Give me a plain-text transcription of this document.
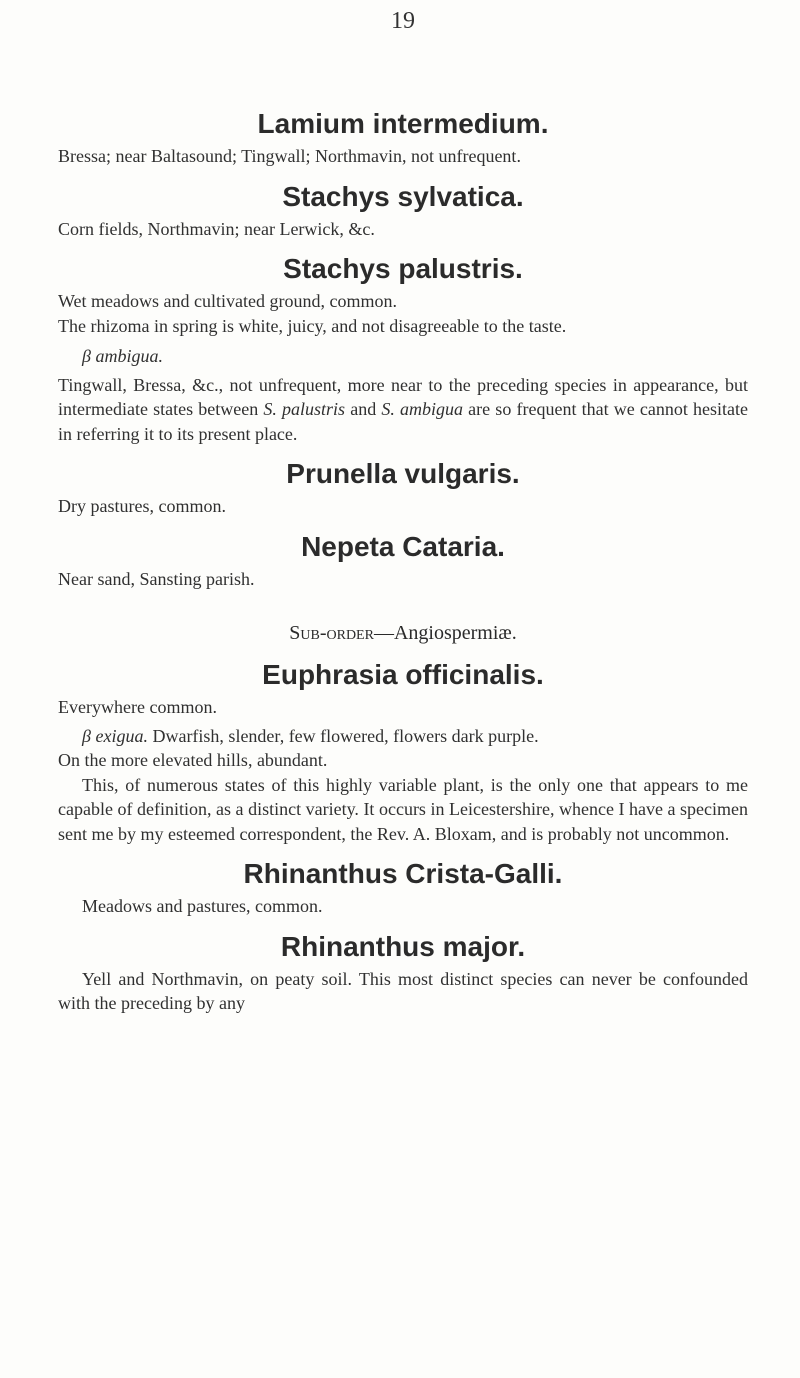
19
Lamium intermedium.

Bressa; near Baltasound; Tingwall; Northmavin, not unfrequent.

Stachys sylvatica.

Corn fields, Northmavin; near Lerwick, &c.

Stachys palustris.

Wet meadows and cultivated ground, common.

The rhizoma in spring is white, juicy, and not disagreeable to the taste.

β ambigua.

Tingwall, Bressa, &c., not unfrequent, more near to the preceding species in appearance, but intermediate states between S. palustris and S. ambigua are so frequent that we cannot hesitate in referring it to its present place.

Prunella vulgaris.

Dry pastures, common.

Nepeta Cataria.

Near sand, Sansting parish.

Sub-order—Angiospermiæ.

Euphrasia officinalis.

Everywhere common.

β exigua. Dwarfish, slender, few flowered, flowers dark purple.

On the more elevated hills, abundant.

This, of numerous states of this highly variable plant, is the only one that appears to me capable of definition, as a distinct variety. It occurs in Leicestershire, whence I have a specimen sent me by my esteemed correspondent, the Rev. A. Bloxam, and is probably not uncommon.

Rhinanthus Crista-Galli.

Meadows and pastures, common.

Rhinanthus major.

Yell and Northmavin, on peaty soil. This most distinct species can never be confounded with the preceding by any
